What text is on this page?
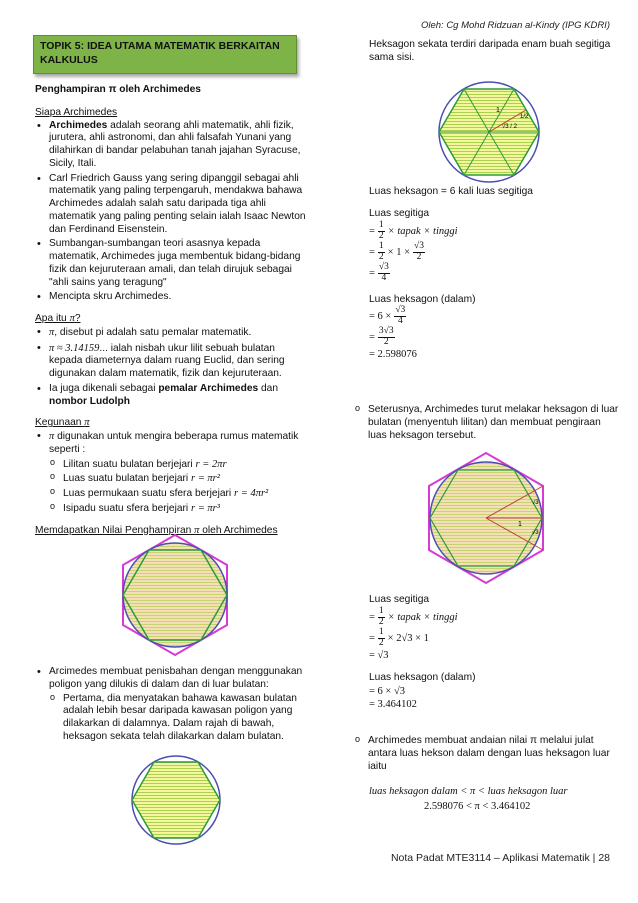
Oleh: Cg Mohd Ridzuan al-Kindy (IPG KDRI)
TOPIK 5: IDEA UTAMA MATEMATIK BERKAITAN KALKULUS
Penghampiran π oleh Archimedes
Siapa Archimedes
• Archimedes adalah seorang ahli matematik, ahli fizik, jurutera, ahli astronomi, dan ahli falsafah Yunani yang dilahirkan di bandar pelabuhan tanah jajahan Syracuse, Sicily, Itali.
• Carl Friedrich Gauss yang sering dipanggil sebagai ahli matematik yang paling terpengaruh, mendakwa bahawa Archimedes adalah salah satu daripada tiga ahli matematik yang paling penting selain ialah Isaac Newton dan Ferdinand Eisenstein.
• Sumbangan-sumbangan teori asasnya kepada matematik, Archimedes juga membentuk bidang-bidang fizik dan kejuruteraan amali, dan telah dirujuk sebagai "ahli sains yang teragung"
• Mencipta skru Archimedes.
Apa itu π?
• π, disebut pi adalah satu pemalar matematik.
• π ≈ 3.14159... ialah nisbah ukur lilit sebuah bulatan kepada diameternya dalam ruang Euclid, dan sering digunakan dalam matematik, fizik dan kejuruteraan.
• Ia juga dikenali sebagai pemalar Archimedes dan nombor Ludolph
Kegunaan π
• π digunakan untuk mengira beberapa rumus matematik seperti :
o Lilitan suatu bulatan berjejari r = 2πr
o Luas suatu bulatan berjejari r = πr²
o Luas permukaan suatu sfera berjejari r = 4πr²
o Isipadu suatu sfera berjejari r = πr³
Memdapatkan Nilai Penghampiran π oleh Archimedes
• Arcimedes membuat penisbahan dengan menggunakan poligon yang dilukis di dalam dan di luar bulatan:
o Pertama, dia menyatakan bahawa kawasan bulatan adalah lebih besar daripada kawasan poligon yang dilakarkan di dalamnya. Dalam rajah di bawah, heksagon sekata telah dilakarkan dalam bulatan.
Heksagon sekata terdiri daripada enam buah segitiga sama sisi.
1
1/2
√3 / 2
Luas heksagon = 6 kali luas segitiga
Luas segitiga
= $\frac{1}{2}$ × tapak × tinggi
= $\frac{1}{2} \times 1 \times \frac{√3}{2}$
= $\frac{√3}{4}$
Luas heksagon (dalam)
= $6 \times \frac{√3}{4}$
= $\frac{3√3}{2}$
= 2.598076
o Seterusnya, Archimedes turut melakar heksagon di luar bulatan (menyentuh lilitan) dan membuat pengiraan luas heksagon tersebut.
1
√3
√3
Luas segitiga
= $\frac{1}{2}$ × tapak × tinggi
= $\frac{1}{2} \times 2√3 \times 1$
= √3
Luas heksagon (dalam)
= 6 × √3
= 3.464102
o Archimedes membuat andaian nilai π melalui julat antara luas hekson dalam dengan luas heksagon luar iaitu
luas heksagon dalam < π < luas heksagon luar
2.598076 < π < 3.464102
Nota Padat MTE3114 – Aplikasi Matematik | 28
